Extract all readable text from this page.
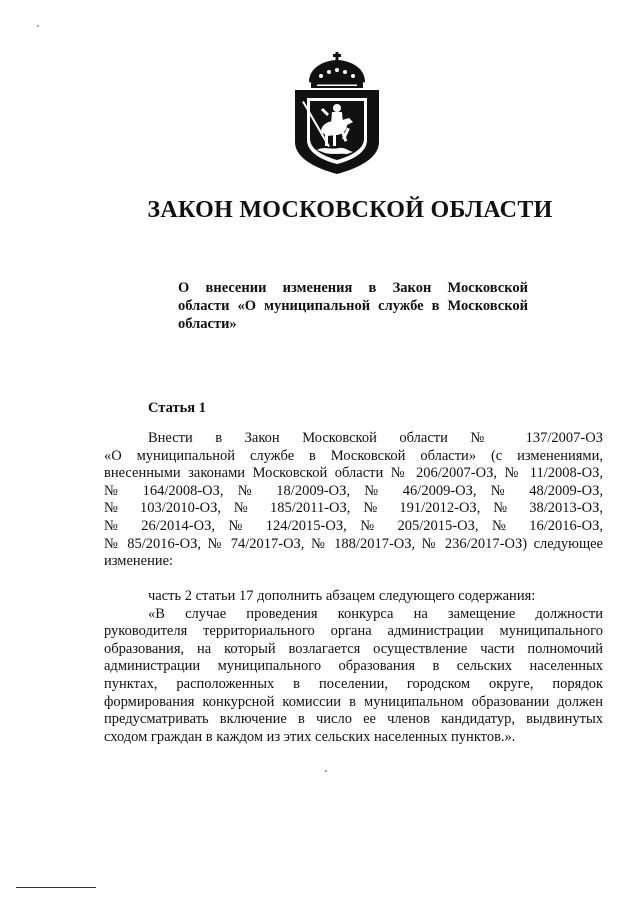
ЗАКОН МОСКОВСКОЙ ОБЛАСТИ
О внесении изменения в Закон Московской
области «О муниципальной службе в Московской
области»
Статья 1
Внести в Закон Московской области № 137/2007-ОЗ
«О муниципальной службе в Московской области» (с изменениями,
внесенными законами Московской области № 206/2007-ОЗ, № 11/2008-ОЗ,
№ 164/2008-ОЗ, № 18/2009-ОЗ, № 46/2009-ОЗ, № 48/2009-ОЗ,
№ 103/2010-ОЗ, № 185/2011-ОЗ, № 191/2012-ОЗ, № 38/2013-ОЗ,
№ 26/2014-ОЗ, № 124/2015-ОЗ, № 205/2015-ОЗ, № 16/2016-ОЗ,
№ 85/2016-ОЗ, № 74/2017-ОЗ, № 188/2017-ОЗ, № 236/2017-ОЗ) следующее
изменение:
часть 2 статьи 17 дополнить абзацем следующего содержания:
«В случае проведения конкурса на замещение должности
руководителя территориального органа администрации муниципального
образования, на который возлагается осуществление части полномочий
администрации муниципального образования в сельских населенных
пунктах, расположенных в поселении, городском округе, порядок
формирования конкурсной комиссии в муниципальном образовании должен
предусматривать включение в число ее членов кандидатур, выдвинутых
сходом граждан в каждом из этих сельских населенных пунктов.».
